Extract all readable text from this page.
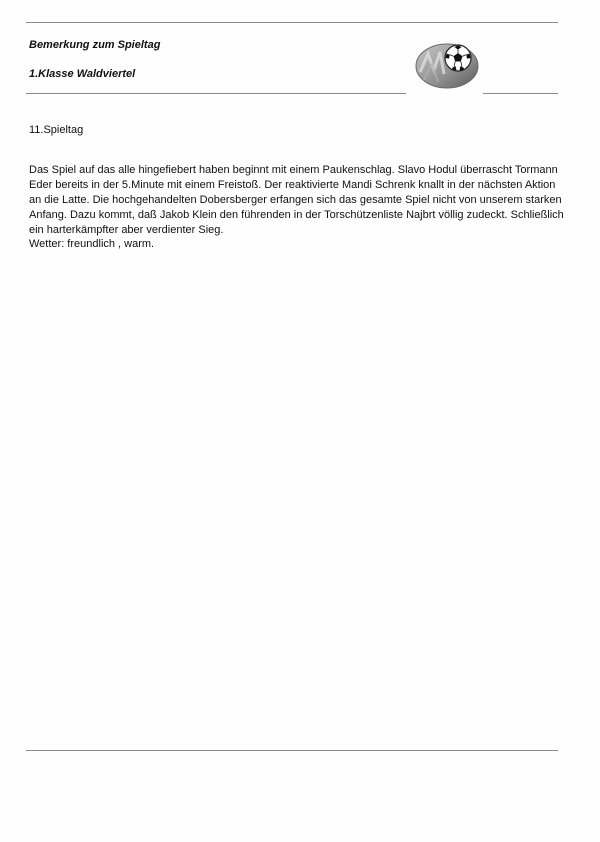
Bemerkung zum Spieltag

1.Klasse Waldviertel

11.Spieltag

Das Spiel auf das alle hingefiebert haben beginnt mit einem Paukenschlag. Slavo Hodul überrascht Tormann Eder bereits in der 5.Minute mit einem Freistoß. Der reaktivierte Mandi Schrenk knallt in der nächsten Aktion an die Latte. Die hochgehandelten Dobersberger erfangen sich das gesamte Spiel nicht von unserem starken Anfang. Dazu kommt, daß Jakob Klein den führenden in der Torschützenliste Najbrt völlig zudeckt. Schließlich ein harterkämpfter aber verdienter Sieg.

Wetter: freundlich , warm.
